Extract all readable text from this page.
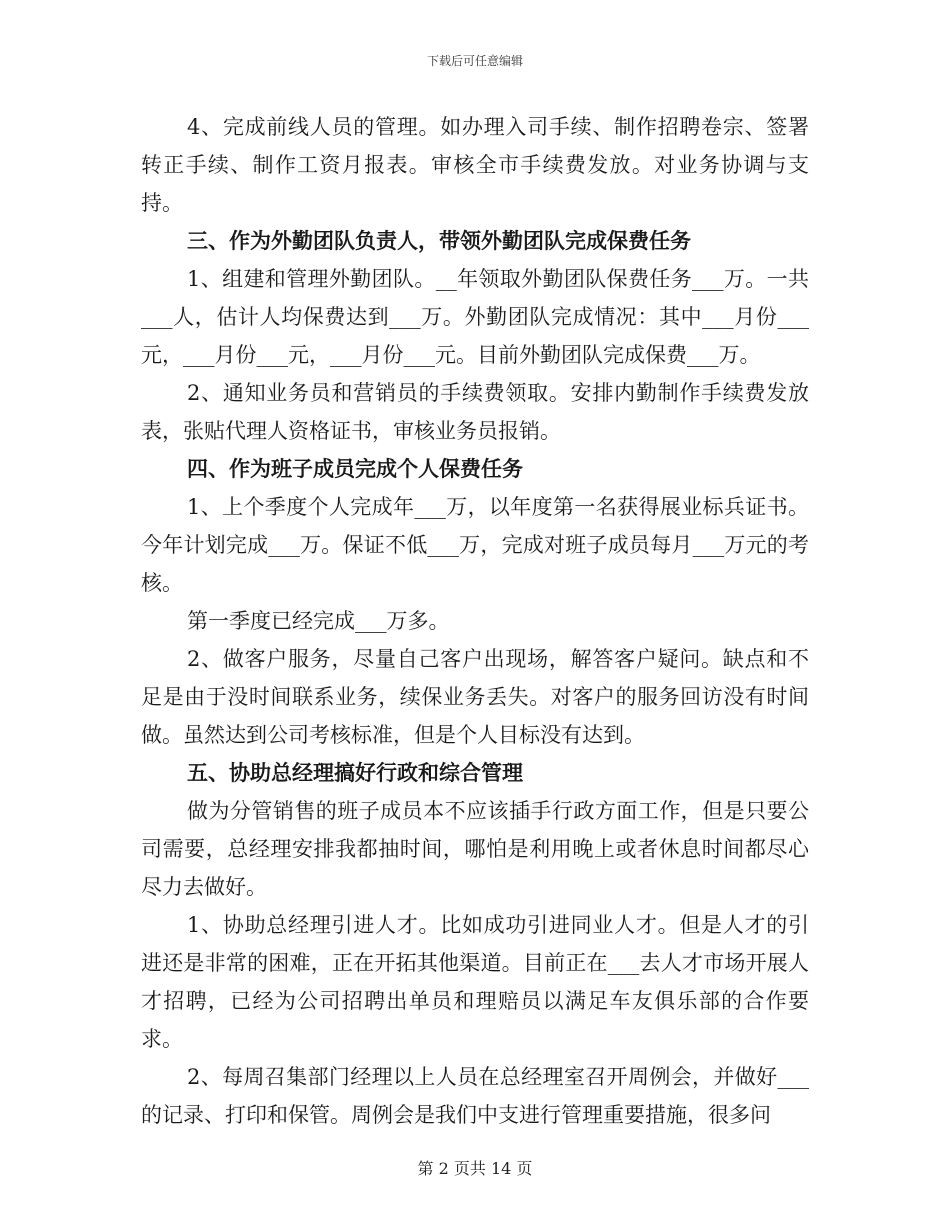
下载后可任意编辑

4、完成前线人员的管理。如办理入司手续、制作招聘卷宗、签署转正手续、制作工资月报表。审核全市手续费发放。对业务协调与支持。

三、作为外勤团队负责人，带领外勤团队完成保费任务

1、组建和管理外勤团队。__年领取外勤团队保费任务___万。一共___人，估计人均保费达到___万。外勤团队完成情况：其中___月份___元，___月份___元，___月份___元。目前外勤团队完成保费___万。

2、通知业务员和营销员的手续费领取。安排内勤制作手续费发放表，张贴代理人资格证书，审核业务员报销。

四、作为班子成员完成个人保费任务

1、上个季度个人完成年___万，以年度第一名获得展业标兵证书。今年计划完成___万。保证不低___万，完成对班子成员每月___万元的考核。

第一季度已经完成___万多。

2、做客户服务，尽量自己客户出现场，解答客户疑问。缺点和不足是由于没时间联系业务，续保业务丢失。对客户的服务回访没有时间做。虽然达到公司考核标准，但是个人目标没有达到。

五、协助总经理搞好行政和综合管理

做为分管销售的班子成员本不应该插手行政方面工作，但是只要公司需要，总经理安排我都抽时间，哪怕是利用晚上或者休息时间都尽心尽力去做好。

1、协助总经理引进人才。比如成功引进同业人才。但是人才的引进还是非常的困难，正在开拓其他渠道。目前正在___去人才市场开展人才招聘，已经为公司招聘出单员和理赔员以满足车友俱乐部的合作要求。

2、每周召集部门经理以上人员在总经理室召开周例会，并做好___的记录、打印和保管。周例会是我们中支进行管理重要措施，很多问

第 2 页共 14 页
